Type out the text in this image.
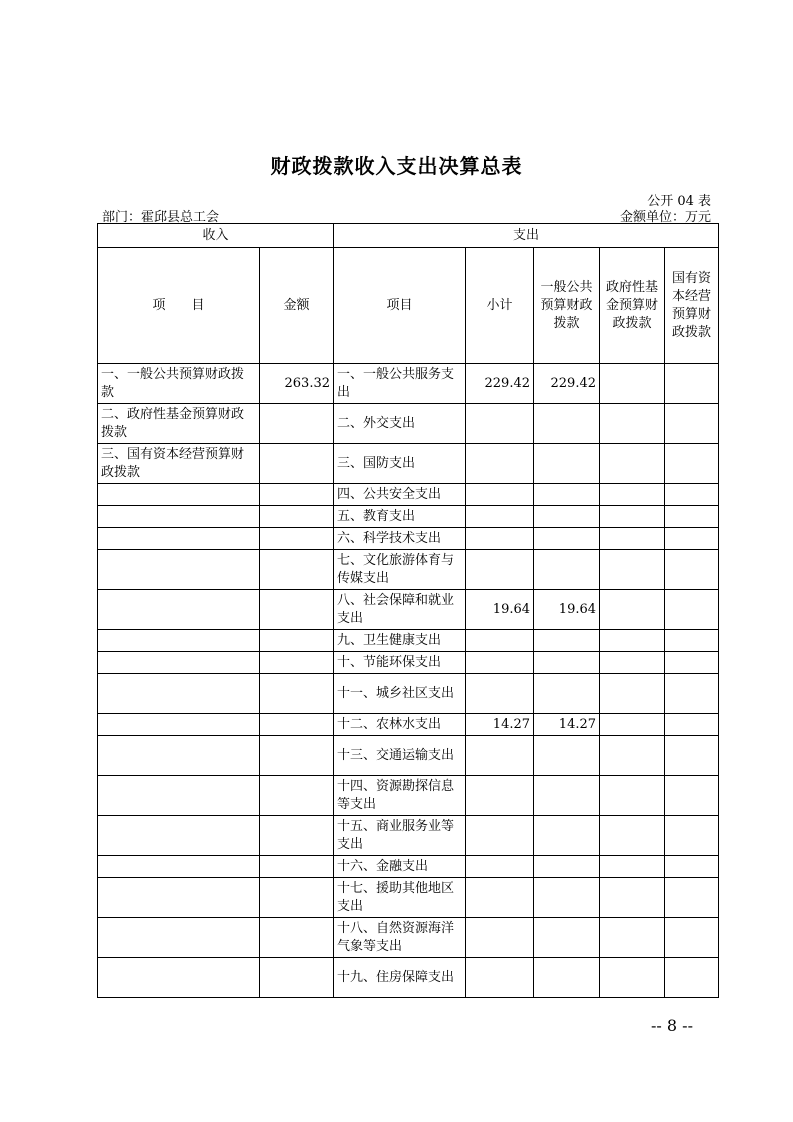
财政拨款收入支出决算总表
公开 04 表
部门：霍邱县总工会	金额单位：万元
收入		支出				
项　　目	金额	项目	小计	一般公共预算财政拨款	政府性基金预算财政拨款	国有资本经营预算财政拨款
一、一般公共预算财政拨款	263.32	一、一般公共服务支出	229.42	229.42		
二、政府性基金预算财政拨款		二、外交支出				
三、国有资本经营预算财政拨款		三、国防支出				
		四、公共安全支出				
		五、教育支出				
		六、科学技术支出				
		七、文化旅游体育与传媒支出				
		八、社会保障和就业支出	19.64	19.64		
		九、卫生健康支出				
		十、节能环保支出				
		十一、城乡社区支出				
		十二、农林水支出	14.27	14.27		
		十三、交通运输支出				
		十四、资源勘探信息等支出				
		十五、商业服务业等支出				
		十六、金融支出				
		十七、援助其他地区支出				
		十八、自然资源海洋气象等支出				
		十九、住房保障支出				
-- 8 --
